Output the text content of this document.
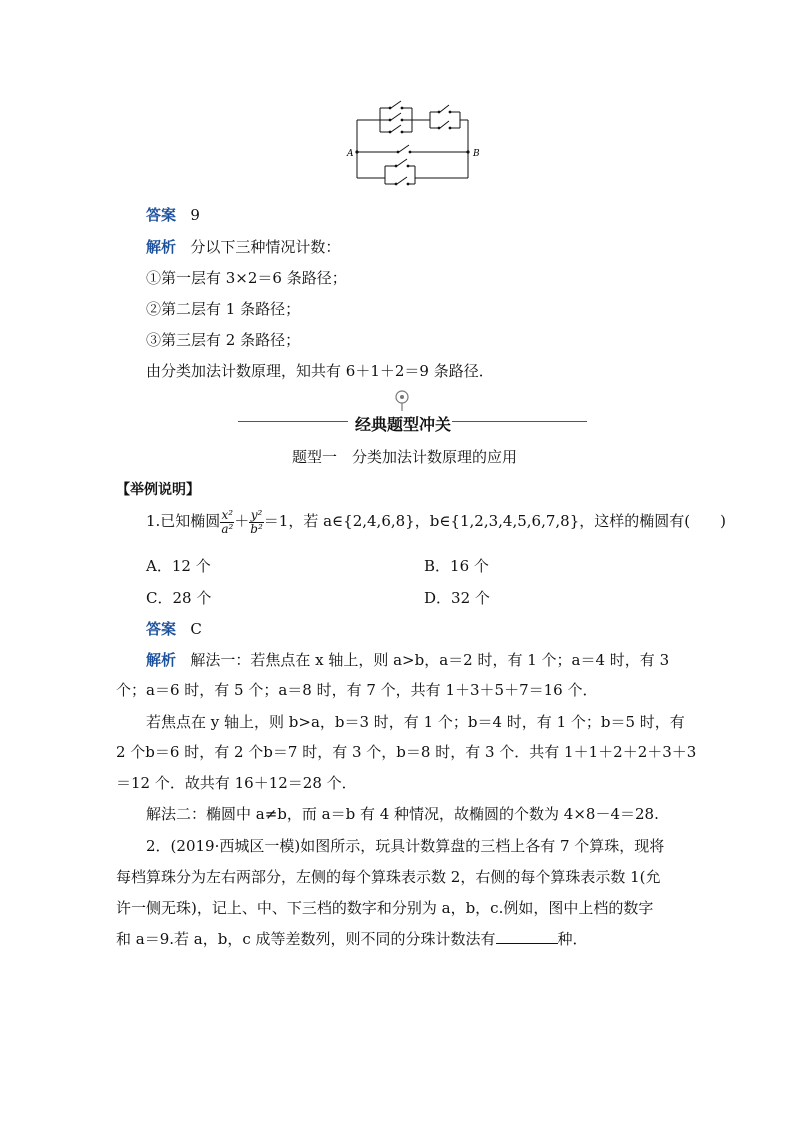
A	B
答案 9
解析 分以下三种情况计数：
①第一层有 3×2＝6 条路径；
②第二层有 1 条路径；
③第三层有 2 条路径；
由分类加法计数原理，知共有 6＋1＋2＝9 条路径．
经典题型冲关
题型一　分类加法计数原理的应用
【举例说明】
1.已知椭圆 $\frac{\text{x²}}{\text{a²}} + \frac{\text{y²}}{\text{b²}} =1$，若 a∈{2,4,6,8}，b∈{1,2,3,4,5,6,7,8}，这样的椭圆有(　　)
A．12 个	B．16 个
C．28 个	D．32 个
答案 C
解析 解法一：若焦点在 x 轴上，则 a>b，a＝2 时，有 1 个；a＝4 时，有 3
个；a＝6 时，有 5 个；a＝8 时，有 7 个，共有 1＋3＋5＋7＝16 个．
若焦点在 y 轴上，则 b>a，b＝3 时，有 1 个；b＝4 时，有 1 个；b＝5 时，有
2 个b＝6 时，有 2 个b＝7 时，有 3 个，b＝8 时，有 3 个．共有 1＋1＋2＋2＋3＋3
＝12 个．故共有 16＋12＝28 个．
解法二：椭圆中 a≠b，而 a＝b 有 4 种情况，故椭圆的个数为 4×8－4＝28.
2．(2019·西城区一模)如图所示，玩具计数算盘的三档上各有 7 个算珠，现将
每档算珠分为左右两部分，左侧的每个算珠表示数 2，右侧的每个算珠表示数 1(允
许一侧无珠)，记上、中、下三档的数字和分别为 a，b，c.例如，图中上档的数字
和 a＝9.若 a，b，c 成等差数列，则不同的分珠计数法有	种．
